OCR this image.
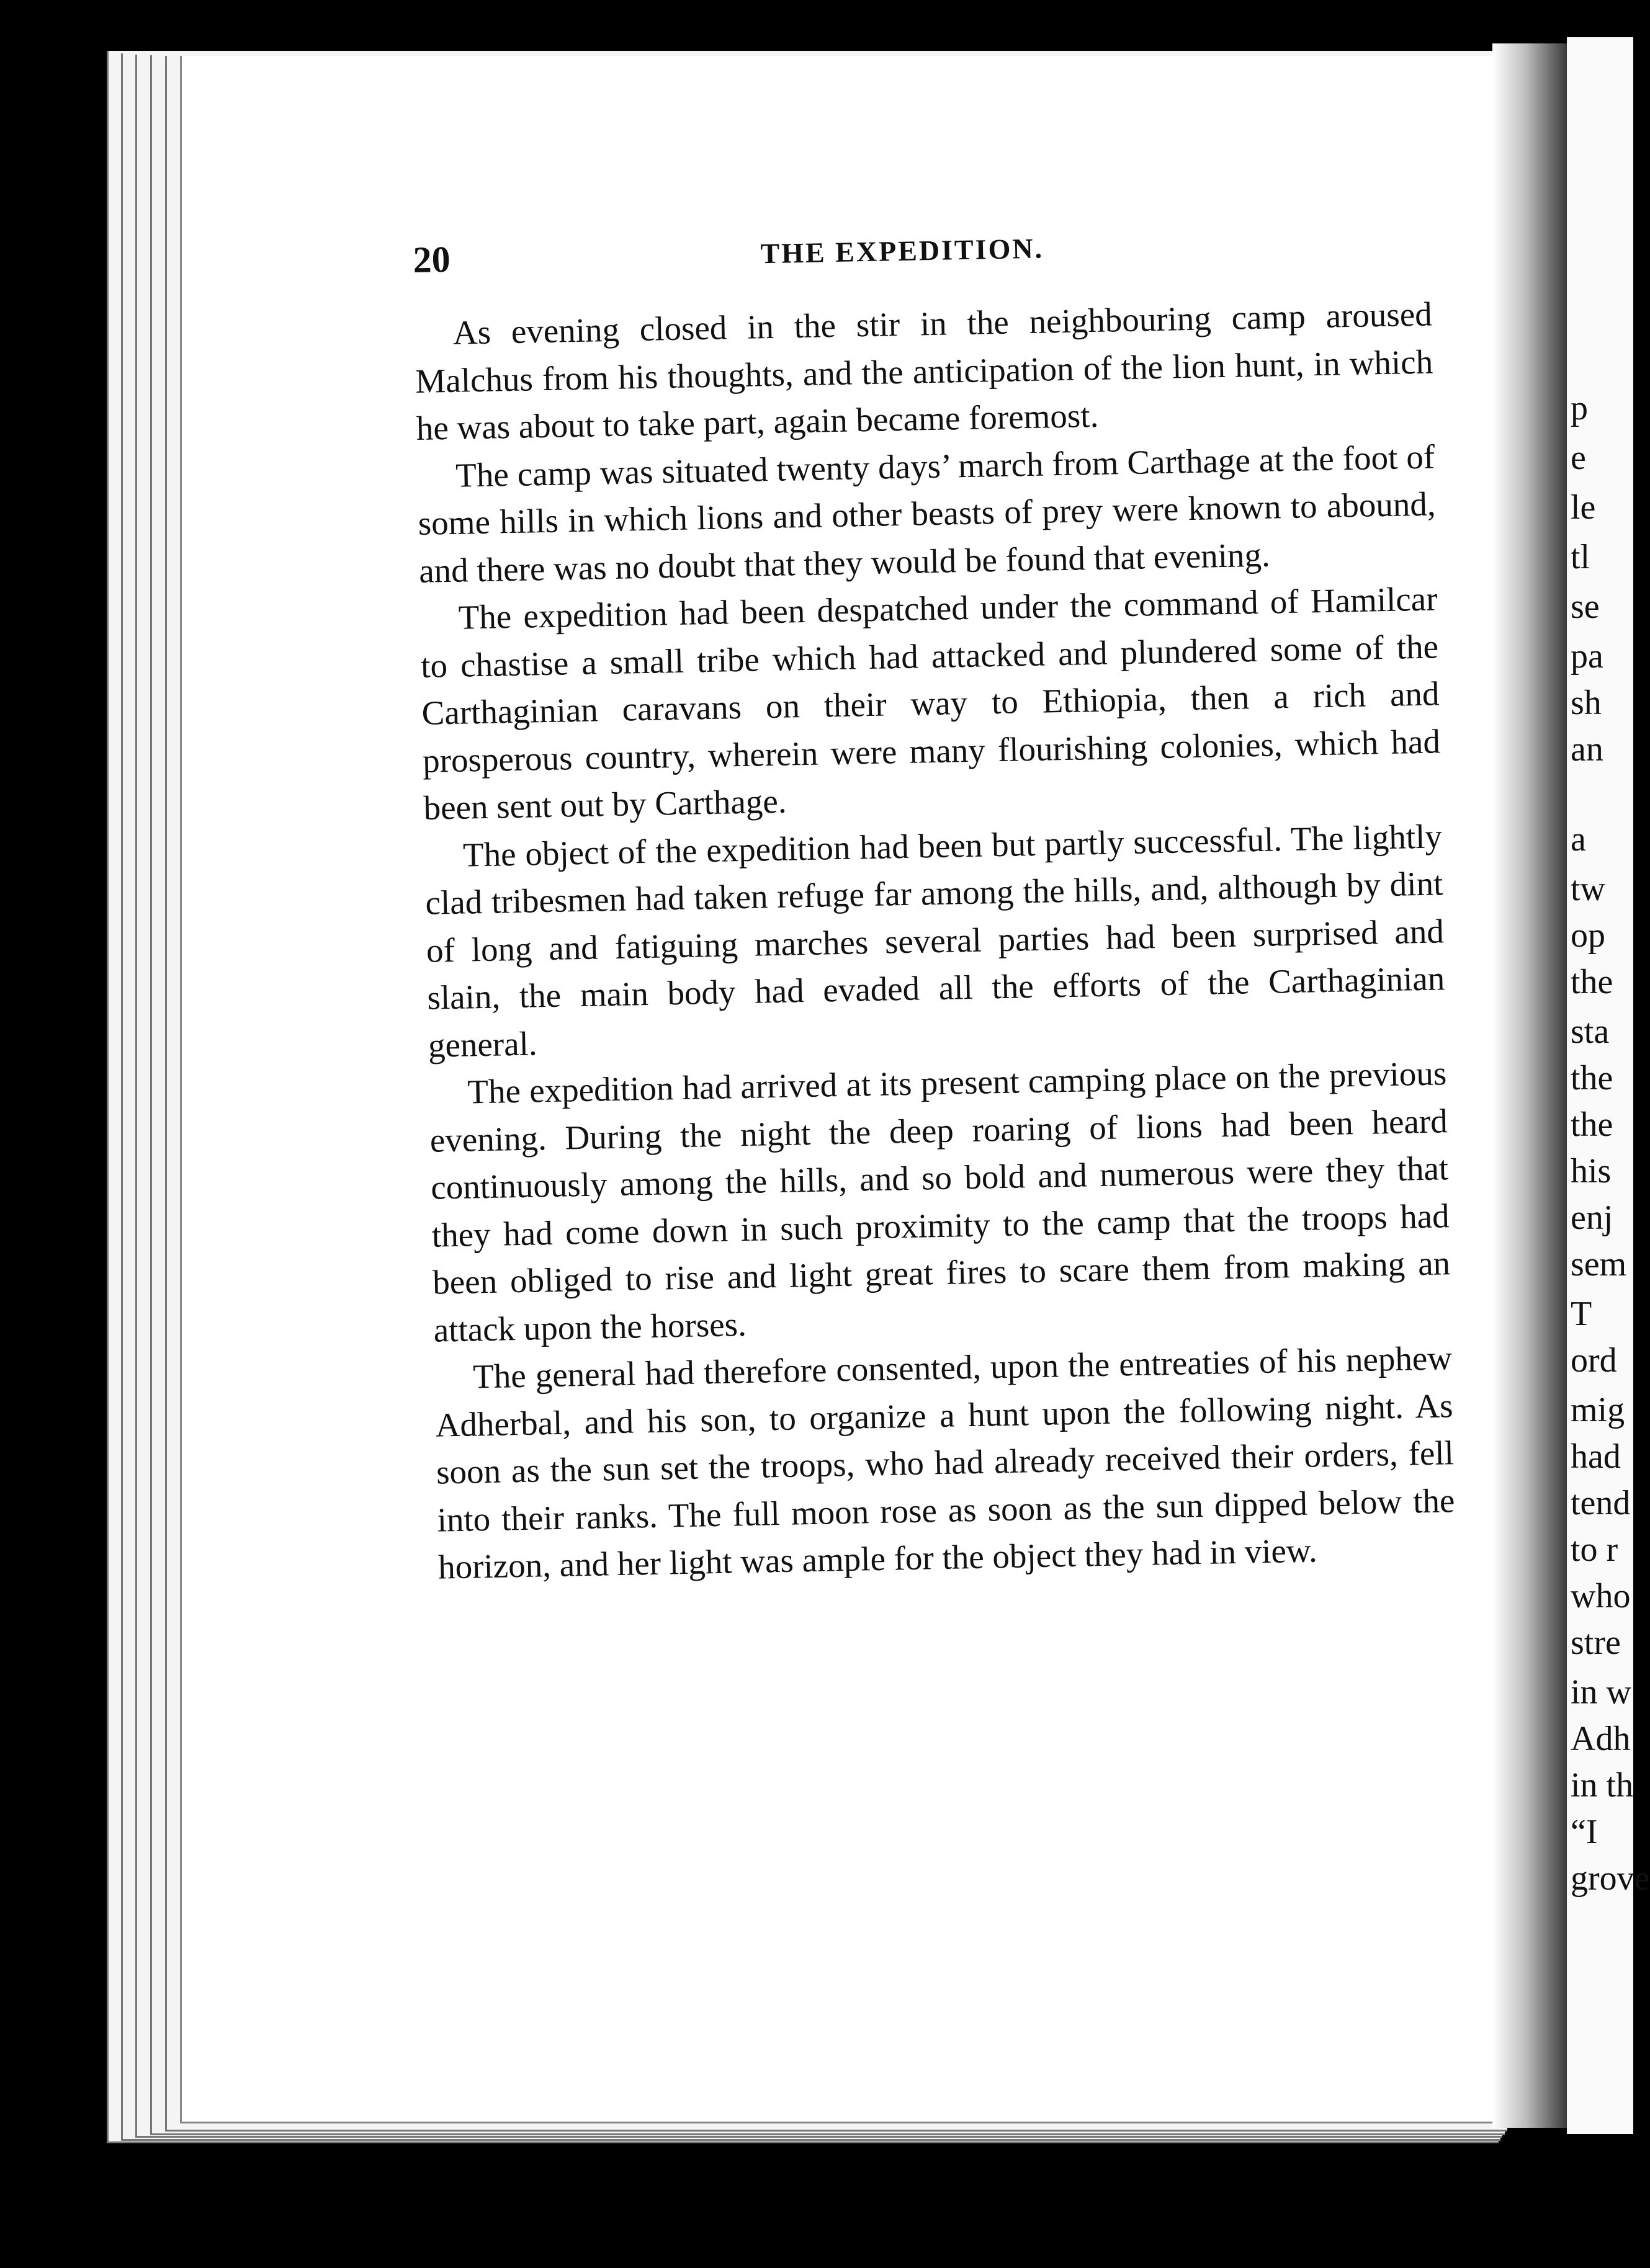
p
e
le
tl
se
pa
sh
an
a
tw
op
the
sta
the
the
his
enj
sem
T
ord
mig
had
tend
to r
who
stre
in w
Adh
in th
“I
grove
20	THE EXPEDITION.

As evening closed in the stir in the neighbouring camp aroused Malchus from his thoughts, and the anticipation of the lion hunt, in which he was about to take part, again became foremost.

The camp was situated twenty days’ march from Carthage at the foot of some hills in which lions and other beasts of prey were known to abound, and there was no doubt that they would be found that evening.

The expedition had been despatched under the command of Hamilcar to chastise a small tribe which had attacked and plundered some of the Carthaginian caravans on their way to Ethiopia, then a rich and prosperous country, wherein were many flourishing colonies, which had been sent out by Carthage.

The object of the expedition had been but partly successful. The lightly clad tribesmen had taken refuge far among the hills, and, although by dint of long and fatiguing marches several parties had been surprised and slain, the main body had evaded all the efforts of the Carthaginian general.

The expedition had arrived at its present camping place on the previous evening. During the night the deep roaring of lions had been heard continuously among the hills, and so bold and numerous were they that they had come down in such proximity to the camp that the troops had been obliged to rise and light great fires to scare them from making an attack upon the horses.

The general had therefore consented, upon the entreaties of his nephew Adherbal, and his son, to organize a hunt upon the following night. As soon as the sun set the troops, who had already received their orders, fell into their ranks. The full moon rose as soon as the sun dipped below the horizon, and her light was ample for the object they had in view.
